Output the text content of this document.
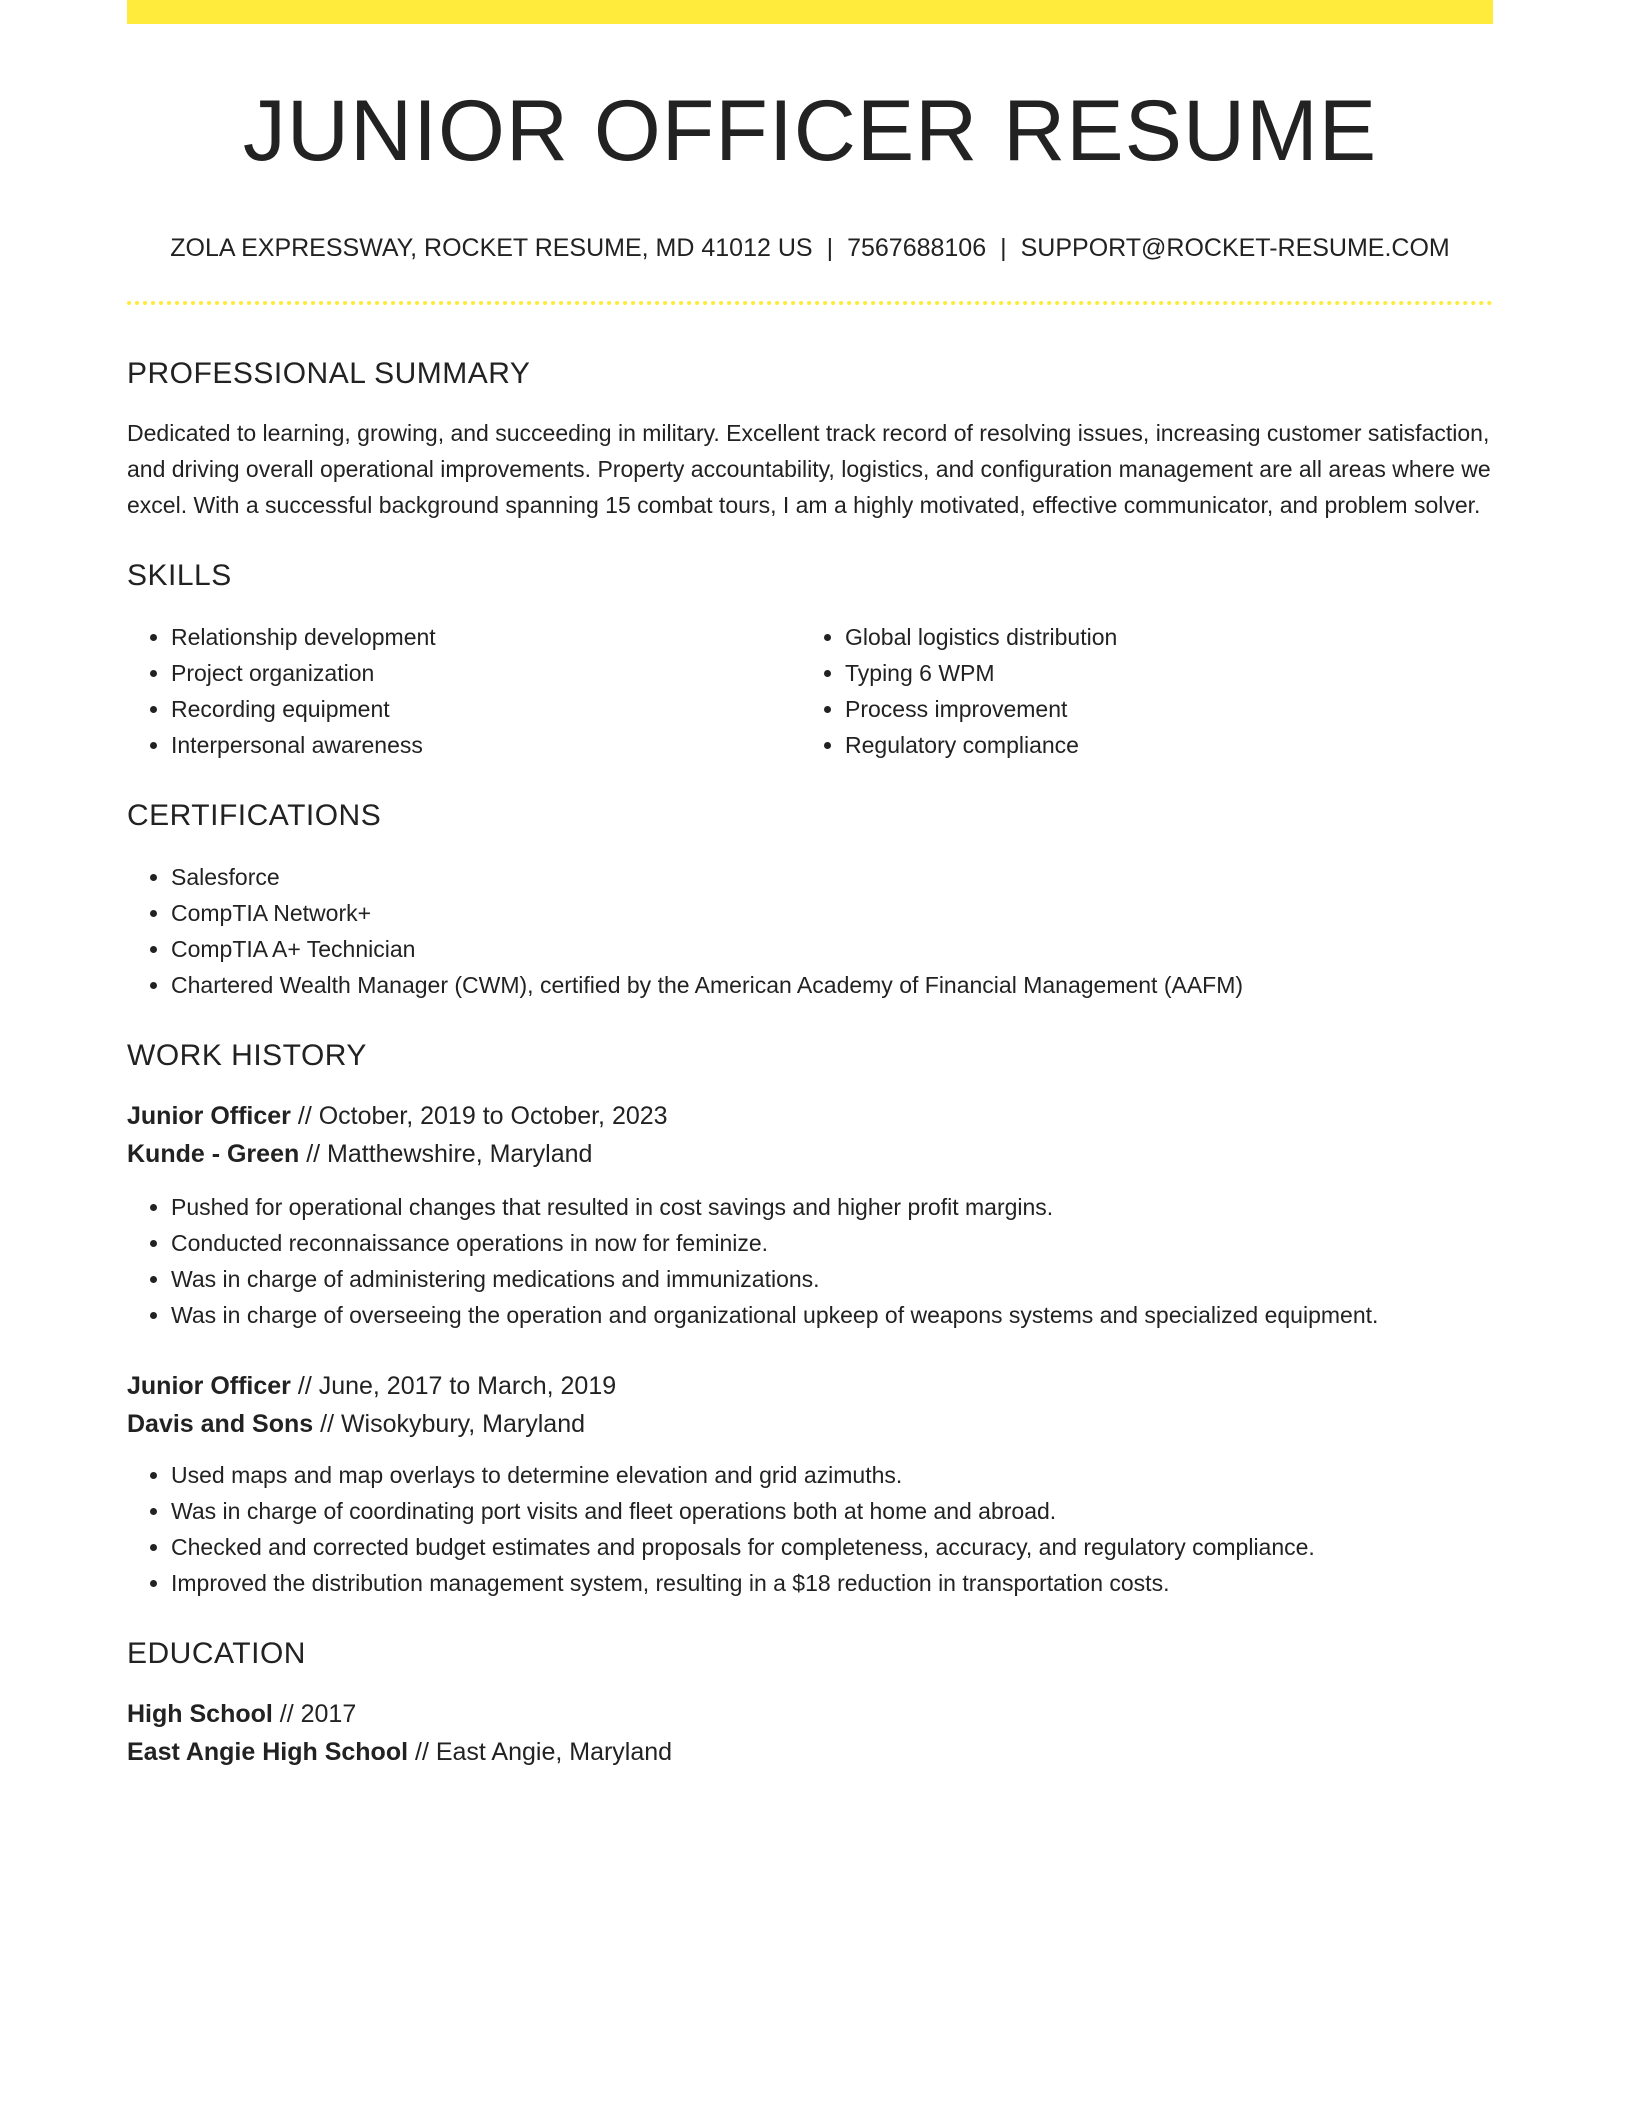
JUNIOR OFFICER RESUME
ZOLA EXPRESSWAY, ROCKET RESUME, MD 41012 US | 7567688106 | SUPPORT@ROCKET-RESUME.COM
PROFESSIONAL SUMMARY

Dedicated to learning, growing, and succeeding in military. Excellent track record of resolving issues, increasing customer satisfaction, and driving overall operational improvements. Property accountability, logistics, and configuration management are all areas where we excel. With a successful background spanning 15 combat tours, I am a highly motivated, effective communicator, and problem solver.

SKILLS
• Relationship development
• Project organization
• Recording equipment
• Interpersonal awareness
• Global logistics distribution
• Typing 6 WPM
• Process improvement
• Regulatory compliance
CERTIFICATIONS
• Salesforce
• CompTIA Network+
• CompTIA A+ Technician
• Chartered Wealth Manager (CWM), certified by the American Academy of Financial Management (AAFM)
WORK HISTORY
Junior Officer // October, 2019 to October, 2023
Kunde - Green // Matthewshire, Maryland
• Pushed for operational changes that resulted in cost savings and higher profit margins.
• Conducted reconnaissance operations in now for feminize.
• Was in charge of administering medications and immunizations.
• Was in charge of overseeing the operation and organizational upkeep of weapons systems and specialized equipment.
Junior Officer // June, 2017 to March, 2019
Davis and Sons // Wisokybury, Maryland
• Used maps and map overlays to determine elevation and grid azimuths.
• Was in charge of coordinating port visits and fleet operations both at home and abroad.
• Checked and corrected budget estimates and proposals for completeness, accuracy, and regulatory compliance.
• Improved the distribution management system, resulting in a $18 reduction in transportation costs.
EDUCATION
High School // 2017
East Angie High School // East Angie, Maryland
